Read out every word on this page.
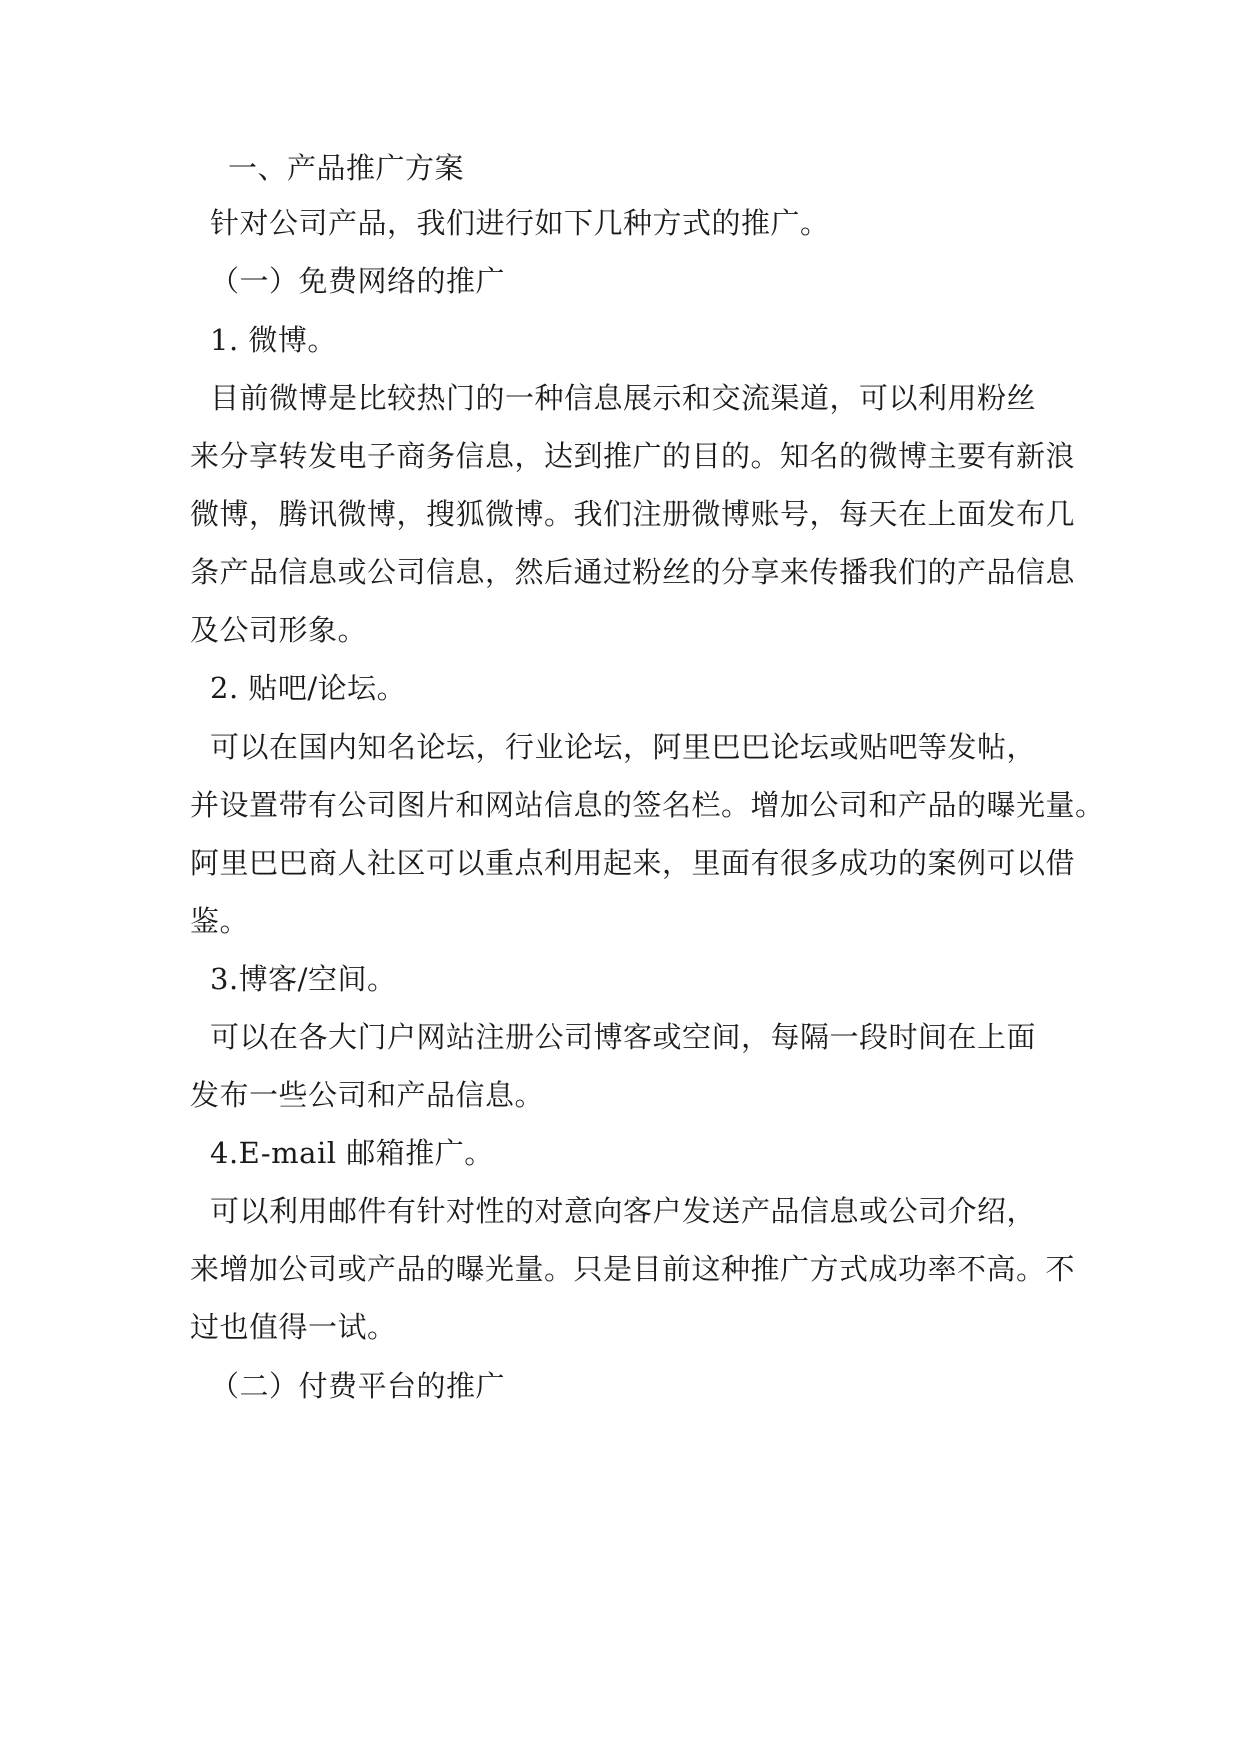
一、产品推广方案
针对公司产品，我们进行如下几种方式的推广。
（一）免费网络的推广
1. 微博。
目前微博是比较热门的一种信息展示和交流渠道，可以利用粉丝
来分享转发电子商务信息，达到推广的目的。知名的微博主要有新浪
微博，腾讯微博，搜狐微博。我们注册微博账号，每天在上面发布几
条产品信息或公司信息，然后通过粉丝的分享来传播我们的产品信息
及公司形象。
2. 贴吧/论坛。
可以在国内知名论坛，行业论坛，阿里巴巴论坛或贴吧等发帖，
并设置带有公司图片和网站信息的签名栏。增加公司和产品的曝光量。
阿里巴巴商人社区可以重点利用起来，里面有很多成功的案例可以借
鉴。
3.博客/空间。
可以在各大门户网站注册公司博客或空间，每隔一段时间在上面
发布一些公司和产品信息。
4.E-mail 邮箱推广。
可以利用邮件有针对性的对意向客户发送产品信息或公司介绍，
来增加公司或产品的曝光量。只是目前这种推广方式成功率不高。不
过也值得一试。
（二）付费平台的推广
